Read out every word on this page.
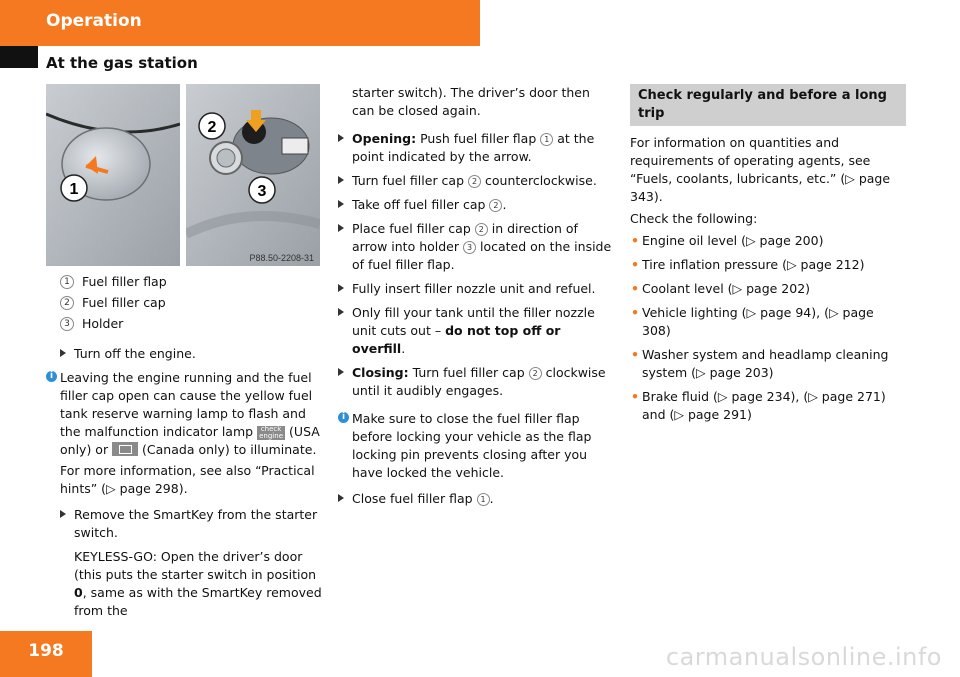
Operation
At the gas station
1
2
3
P88.50-2208-31
1 Fuel filler flap
2 Fuel filler cap
3 Holder
Turn off the engine.
i Leaving the engine running and the fuel filler cap open can cause the yellow fuel tank reserve warning lamp to flash and the malfunction indicator lamp check engine (USA only) or	(Canada only) to illuminate.

For more information, see also “Practical hints” (▷ page 298).

Remove the SmartKey from the starter switch.

KEYLESS-GO: Open the driver’s door (this puts the starter switch in position 0, same as with the SmartKey removed from the

starter switch). The driver’s door then can be closed again.

Opening: Push fuel filler flap 1 at the point indicated by the arrow.
Turn fuel filler cap 2 counterclockwise.
Take off fuel filler cap 2 .
Place fuel filler cap 2 in direction of arrow into holder 3 located on the inside of fuel filler flap.
Fully insert filler nozzle unit and refuel.
Only fill your tank until the filler nozzle unit cuts out – do not top off or overfill.
Closing: Turn fuel filler cap 2 clockwise until it audibly engages.
i Make sure to close the fuel filler flap before locking your vehicle as the flap locking pin prevents closing after you have locked the vehicle.

Close fuel filler flap 1 .
Check regularly and before a long trip

For information on quantities and requirements of operating agents, see “Fuels, coolants, lubricants, etc.” (▷ page 343).

Check the following:

• Engine oil level (▷ page 200)
• Tire inflation pressure (▷ page 212)
• Coolant level (▷ page 202)
• Vehicle lighting (▷ page 94), (▷ page 308)
• Washer system and headlamp cleaning system (▷ page 203)
• Brake fluid (▷ page 234), (▷ page 271) and (▷ page 291)
198	carmanualsonline.info
